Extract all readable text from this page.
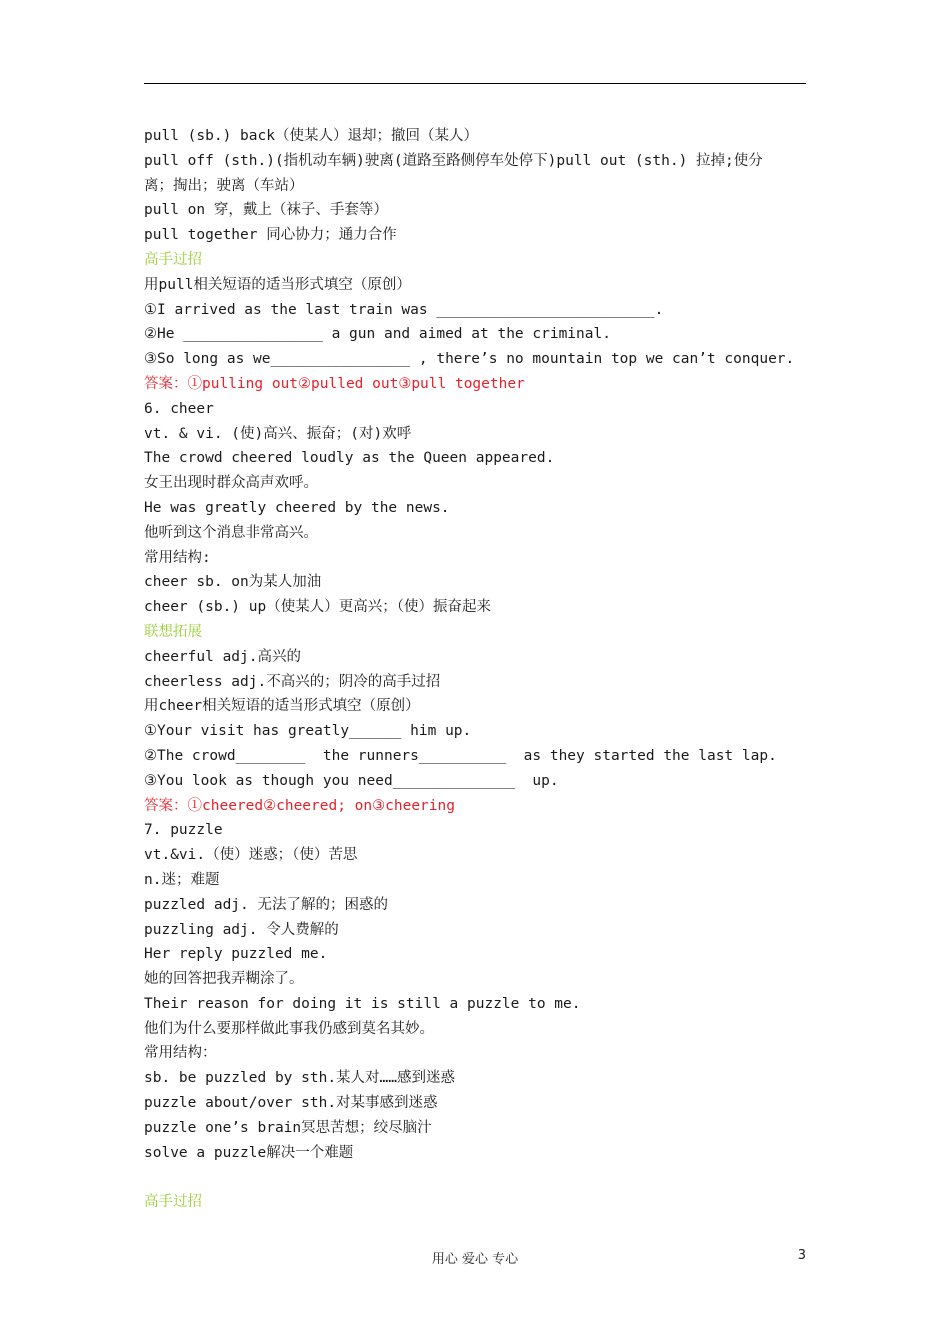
pull (sb.) back（使某人）退却；撤回（某人）

pull off (sth.)(指机动车辆)驶离(道路至路侧停车处停下)pull out (sth.) 拉掉;使分

离；掏出；驶离（车站）

pull on 穿，戴上（袜子、手套等）

pull together 同心协力；通力合作

高手过招

用pull相关短语的适当形式填空（原创）

①I arrived as the last train was _________________________.

②He ________________ a gun and aimed at the criminal.

③So long as we________________ , there’s no mountain top we can’t conquer.

答案：①pulling out②pulled out③pull together

6. cheer

vt. & vi. (使)高兴、振奋；(对)欢呼

The crowd cheered loudly as the Queen appeared.

女王出现时群众高声欢呼。

He was greatly cheered by the news.

他听到这个消息非常高兴。

常用结构:

cheer sb. on为某人加油

cheer (sb.) up（使某人）更高兴；（使）振奋起来

联想拓展

cheerful adj.高兴的

cheerless adj.不高兴的；阴冷的高手过招

用cheer相关短语的适当形式填空（原创）

①Your visit has greatly______ him up.

②The crowd________  the runners__________  as they started the last lap.

③You look as though you need______________  up.

答案：①cheered②cheered; on③cheering

7. puzzle

vt.&vi.（使）迷惑；（使）苦思

n.迷；难题

puzzled adj. 无法了解的；困惑的

puzzling adj. 令人费解的

Her reply puzzled me.

她的回答把我弄糊涂了。

Their reason for doing it is still a puzzle to me.

他们为什么要那样做此事我仍感到莫名其妙。

常用结构：

sb. be puzzled by sth.某人对……感到迷惑

puzzle about/over sth.对某事感到迷惑

puzzle one’s brain冥思苦想；绞尽脑汁

solve a puzzle解决一个难题

高手过招

用心 爱心 专心	3
